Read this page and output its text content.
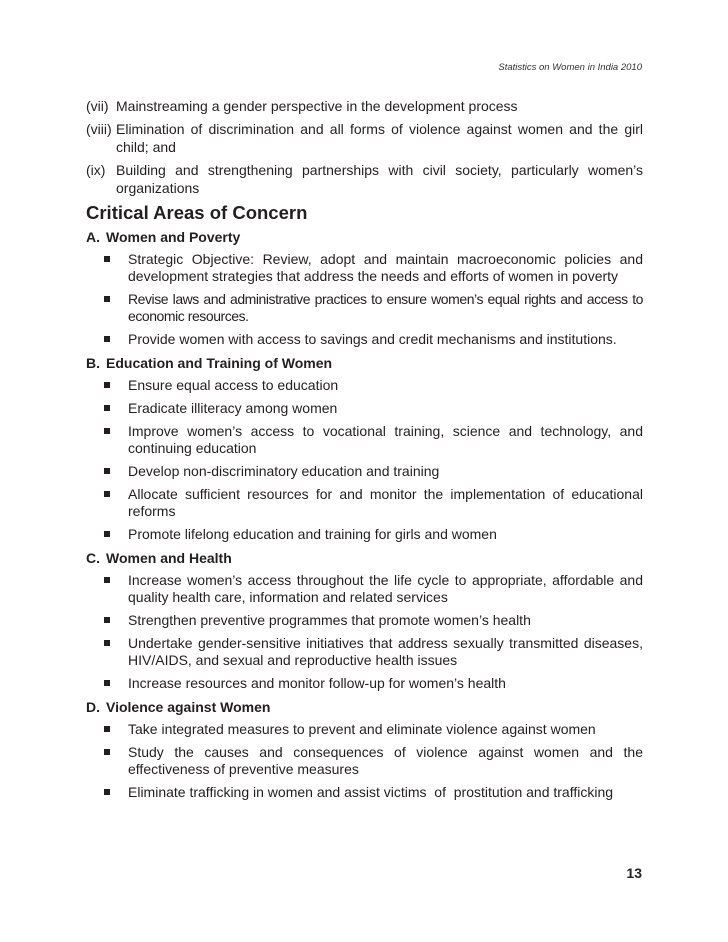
Statistics on Women in India 2010
(vii) Mainstreaming a gender perspective in the development process
(viii) Elimination of discrimination and all forms of violence against women and the girl child; and
(ix) Building and strengthening partnerships with civil society, particularly women’s organizations
Critical Areas of Concern
A. Women and Poverty
Strategic Objective: Review, adopt and maintain macroeconomic policies and development strategies that address the needs and efforts of women in poverty
Revise laws and administrative practices to ensure women’s equal rights and access to economic resources.
Provide women with access to savings and credit mechanisms and institutions.
B. Education and Training of Women
Ensure equal access to education
Eradicate illiteracy among women
Improve women’s access to vocational training, science and technology, and continuing education
Develop non-discriminatory education and training
Allocate sufficient resources for and monitor the implementation of educational reforms
Promote lifelong education and training for girls and women
C. Women and Health
Increase women’s access throughout the life cycle to appropriate, affordable and quality health care, information and related services
Strengthen preventive programmes that promote women’s health
Undertake gender-sensitive initiatives that address sexually transmitted diseases, HIV/AIDS, and sexual and reproductive health issues
Increase resources and monitor follow-up for women’s health
D. Violence against Women
Take integrated measures to prevent and eliminate violence against women
Study the causes and consequences of violence against women and the effectiveness of preventive measures
Eliminate trafficking in women and assist victims  of  prostitution and trafficking
13
